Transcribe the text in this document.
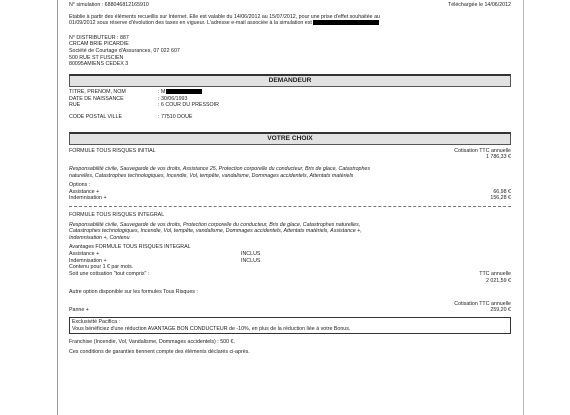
N° simulation : 688046812165910	Téléchargée le 14/06/2012
Etablie à partir des éléments recueillis sur Internet. Elle est valable du 14/06/2012 au 15/07/2012, pour une prise d'effet souhaitée au
01/09/2012 sous réserve d'évolution des taxes en vigueur. L'adresse e-mail associée à la simulation est
N° DISTRIBUTEUR : 887
CRCAM BRIE PICARDIE
Société de Courtage d'Assurances, 07 022 607
500 RUE ST FUSCIEN
80095AMIENS CEDEX 3
DEMANDEUR
TITRE, PRENOM, NOM	: M
DATE DE NAISSANCE	: 30/06/1993
RUE	: 6 COUR DU PRESSOIR
CODE POSTAL VILLE	: 77510 DOUE
VOTRE CHOIX
FORMULE TOUS RISQUES INITIAL	Cotisation TTC annuelle
1 786,33 €
Responsabilité civile, Sauvegarde de vos droits, Assistance 25, Protection corporelle du conducteur, Bris de glace, Catastrophes
naturelles, Catastrophes technologiques, Incendie, Vol, tempête, vandalisme, Dommages accidentels, Attentats matériels
Options :
Assistance +	66,98 €
Indemnisation +	156,28 €
FORMULE TOUS RISQUES INTEGRAL
Responsabilité civile, Sauvegarde de vos droits, Protection corporelle du conducteur, Bris de glace, Catastrophes naturelles,
Catastrophes technologiques, Incendie, Vol, tempête, vandalisme, Dommages accidentels, Attentats matériels, Assistance +,
Indemnisation +, Contenu
Avantages FORMULE TOUS RISQUES INTEGRAL
Assistance +	INCLUS
Indemnisation +	INCLUS
Contenu pour 1 € par mois.
Soit une cotisation "tout compris" :	TTC annuelle
2 021,59 €
Autre option disponible sur les formules Tous Risques :
Cotisation TTC annuelle
Panne +	259,20 €
Exclusivité Pacifica :
Vous bénéficiez d'une réduction AVANTAGE BON CONDUCTEUR de -10%, en plus de la réduction liée à votre Bonus.
Franchise (Incendie, Vol, Vandalisme, Dommages accidentels) : 500 €.
Ces conditions de garanties tiennent compte des éléments déclarés ci-après.
